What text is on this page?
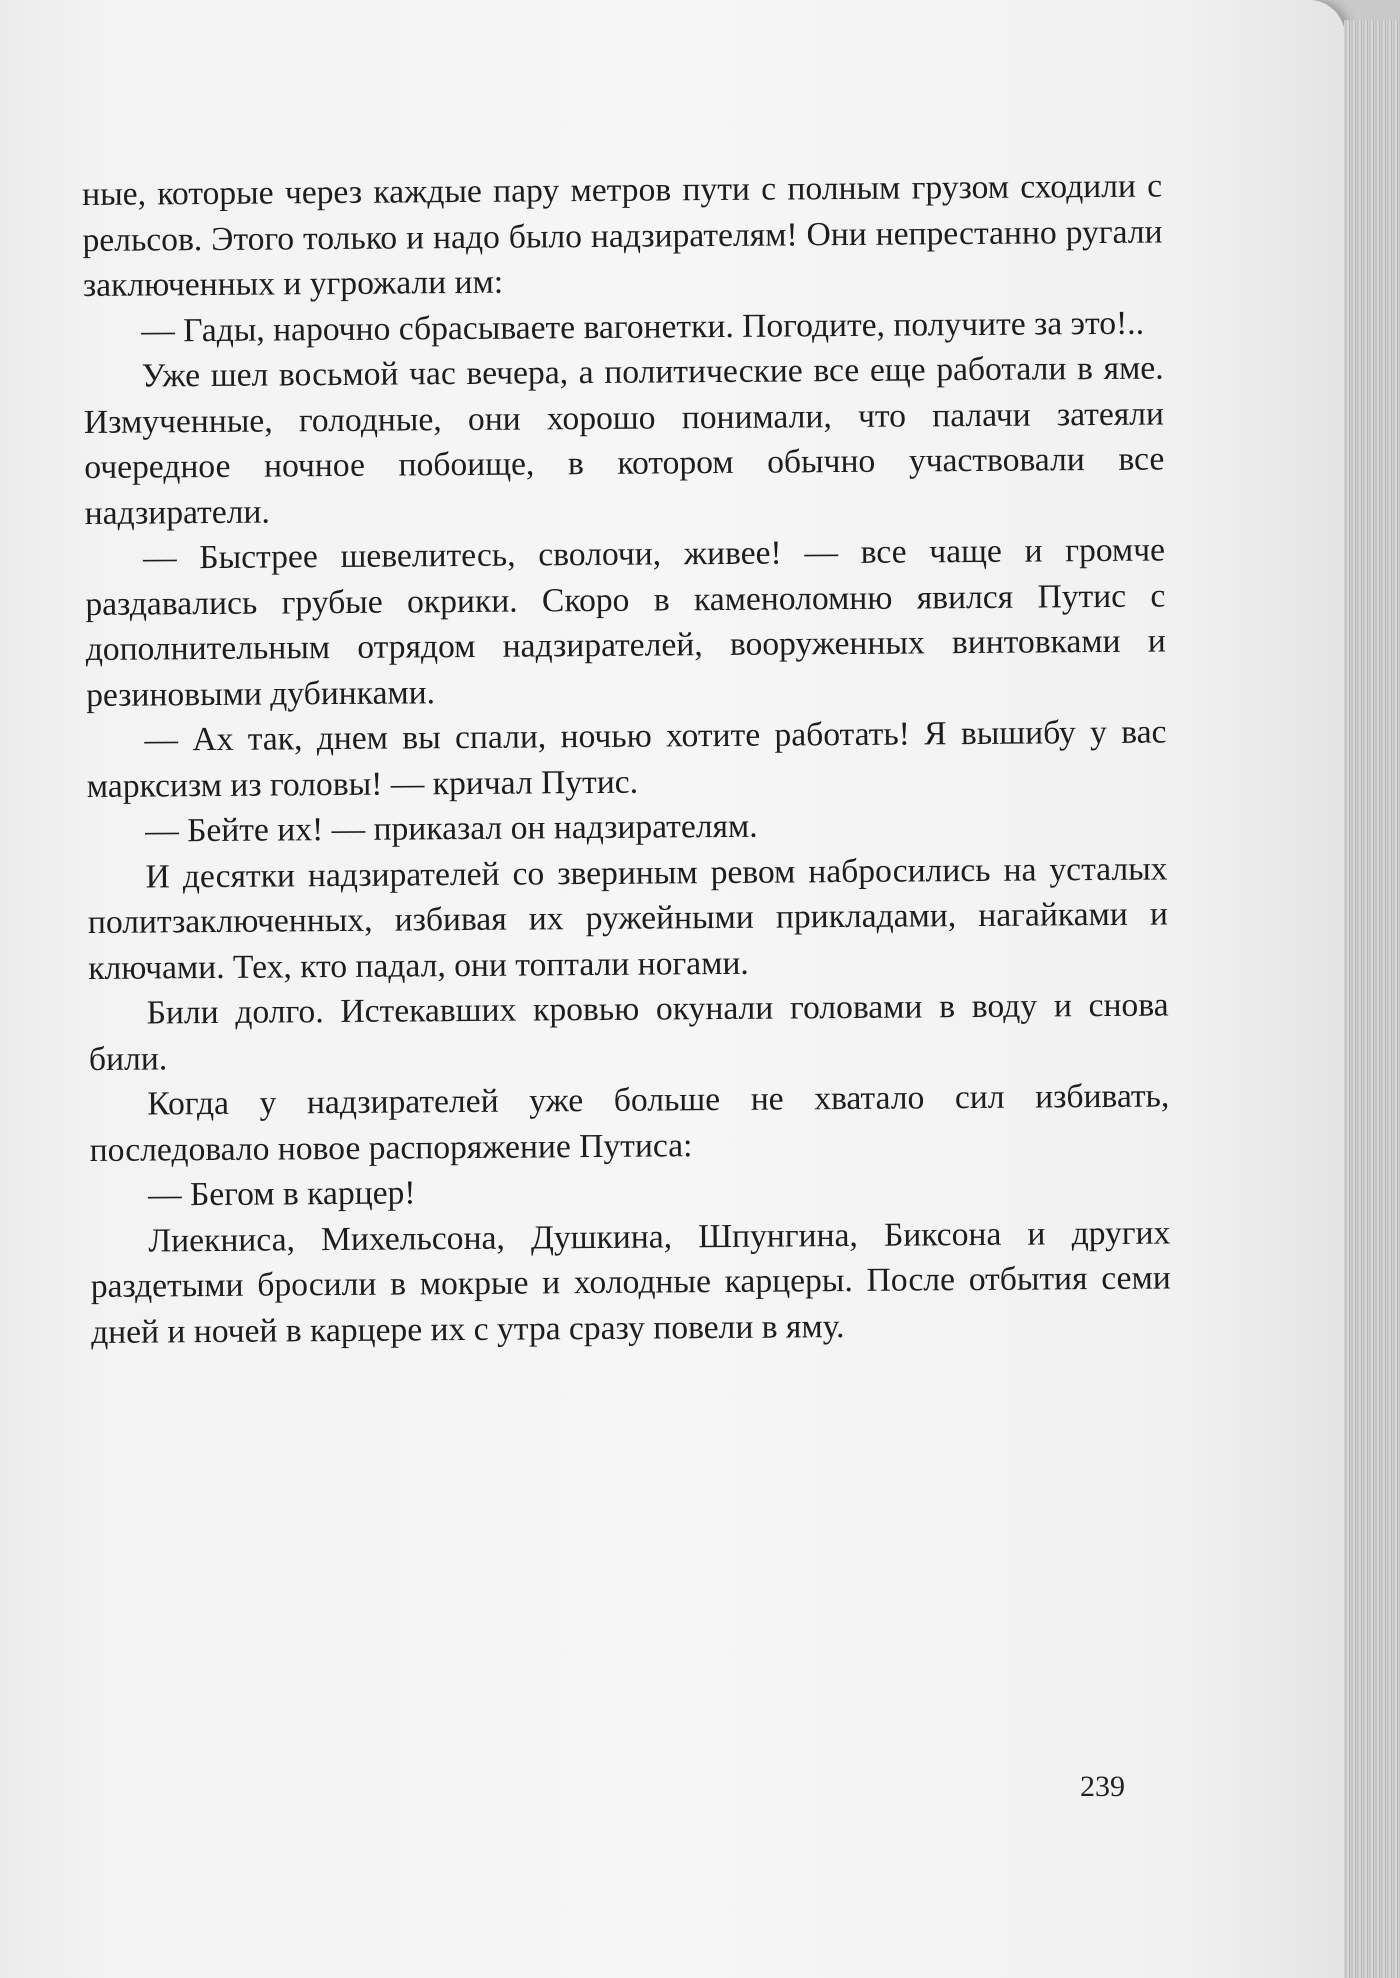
ные, которые через каждые пару метров пути с полным грузом сходили с рельсов. Этого только и надо было надзирателям! Они непрестанно ругали заключенных и угрожали им:

— Гады, нарочно сбрасываете вагонетки. Погодите, получите за это!..

Уже шел восьмой час вечера, а политические все еще работали в яме. Измученные, голодные, они хорошо понимали, что палачи затеяли очередное ночное побоище, в котором обычно участвовали все надзиратели.

— Быстрее шевелитесь, сволочи, живее! — все чаще и громче раздавались грубые окрики. Скоро в каменоломню явился Путис с дополнительным отрядом надзирателей, вооруженных винтовками и резиновыми дубинками.

— Ах так, днем вы спали, ночью хотите работать! Я вышибу у вас марксизм из головы! — кричал Путис.

— Бейте их! — приказал он надзирателям.

И десятки надзирателей со звериным ревом набросились на усталых политзаключенных, избивая их ружейными прикладами, нагайками и ключами. Тех, кто падал, они топтали ногами.

Били долго. Истекавших кровью окунали головами в воду и снова били.

Когда у надзирателей уже больше не хватало сил избивать, последовало новое распоряжение Путиса:

— Бегом в карцер!

Лиекниса, Михельсона, Душкина, Шпунгина, Биксона и других раздетыми бросили в мокрые и холодные карцеры. После отбытия семи дней и ночей в карцере их с утра сразу повели в яму.

239
